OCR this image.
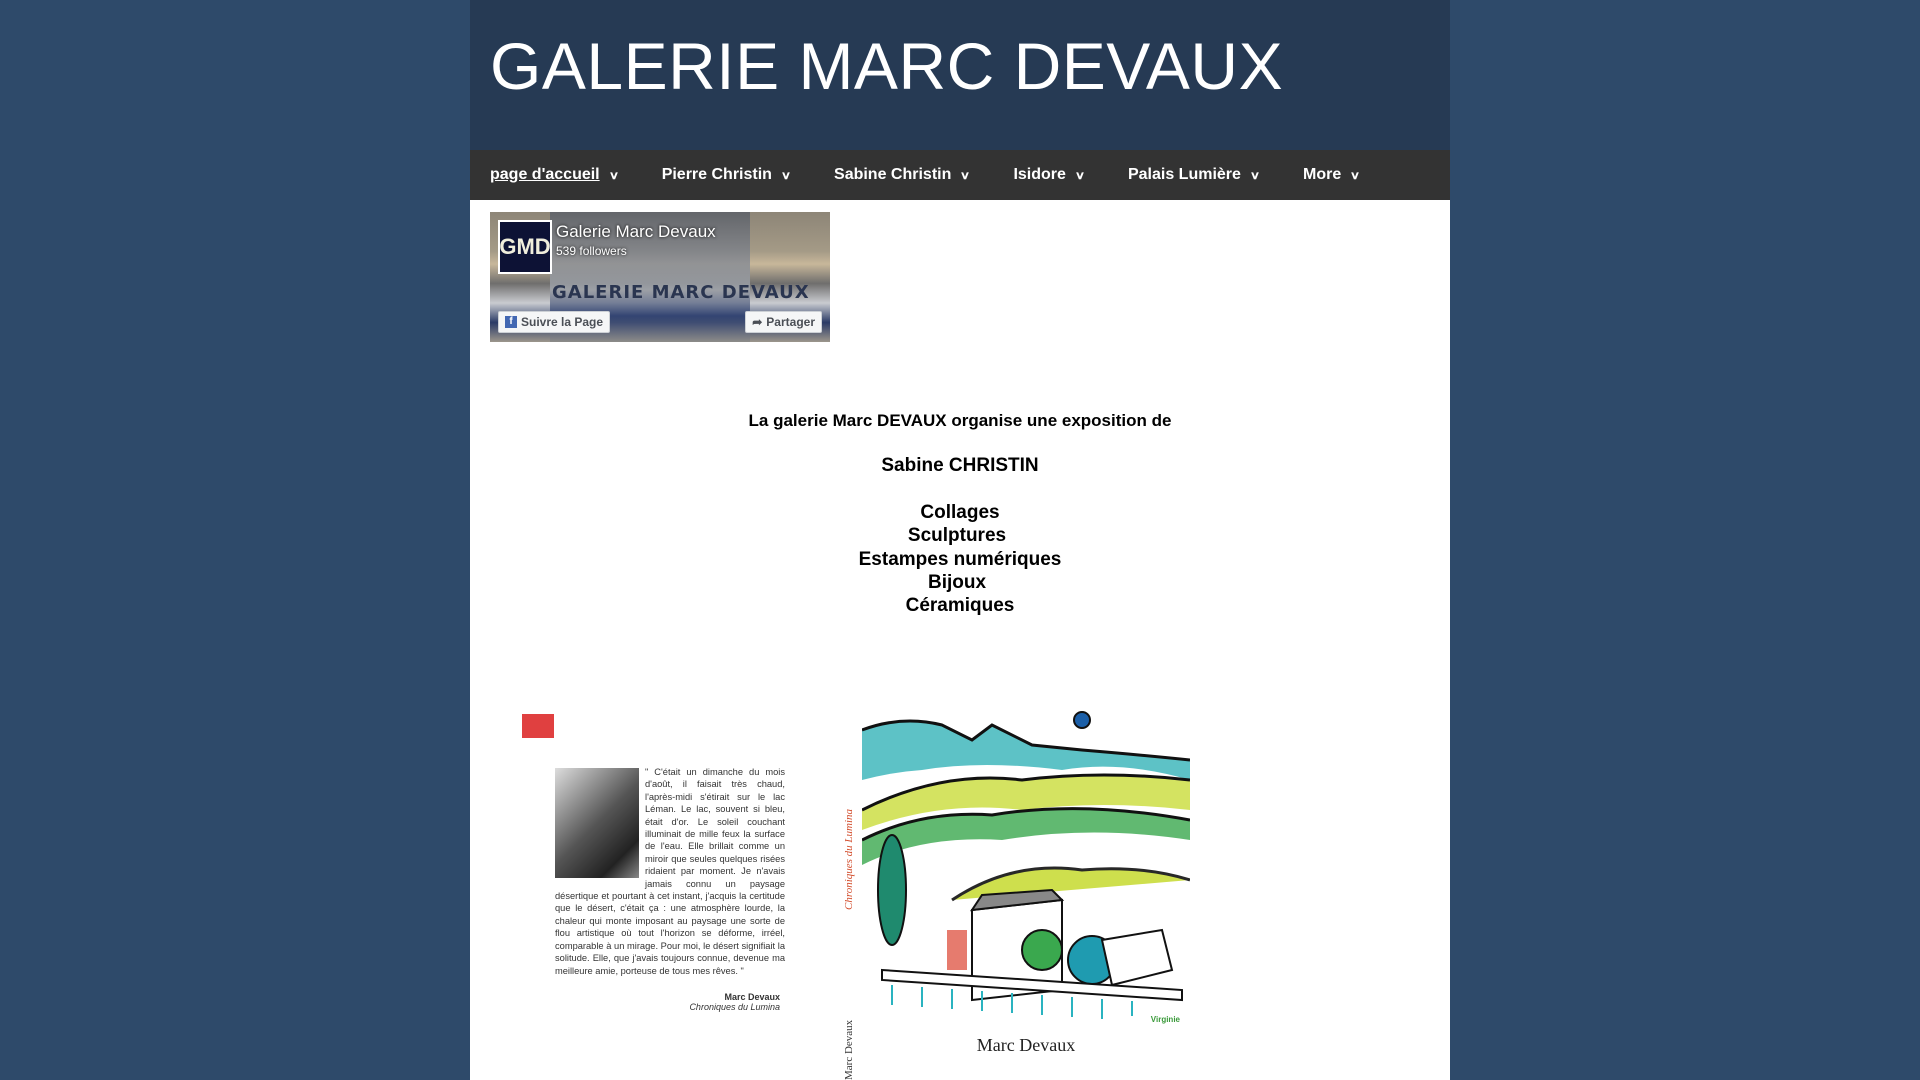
GALERIE MARC DEVAUX
page d'accueil ∨	Pierre Christin ∨	Sabine Christin ∨	Isidore ∨	Palais Lumière ∨	More ∨
GALERIE MARC DEVAUX
GMD
Galerie Marc Devaux
539 followers
f Suivre la Page	➦ Partager
La galerie Marc DEVAUX organise une exposition de
Sabine CHRISTIN
Collages
Sculptures
Estampes numériques
Bijoux
Céramiques
" C'était un dimanche du mois d'août, il faisait très chaud, l'après-midi s'étirait sur le lac Léman. Le lac, souvent si bleu, était d'or. Le soleil couchant illuminait de mille feux la surface de l'eau. Elle brillait comme un miroir que seules quelques risées ridaient par moment. Je n'avais jamais connu un paysage désertique et pourtant à cet instant, j'acquis la certitude que le désert, c'était ça : une atmosphère lourde, la chaleur qui monte imposant au paysage une sorte de flou artistique où tout l'horizon se déforme, irréel, comparable à un mirage. Pour moi, le désert signifiait la solitude. Elle, que j'avais toujours connue, devenue ma meilleure amie, porteuse de tous mes rêves. "
Marc Devaux
Chroniques du Lumina
Chroniques du Lumina
Marc Devaux
Virginie
Marc Devaux
